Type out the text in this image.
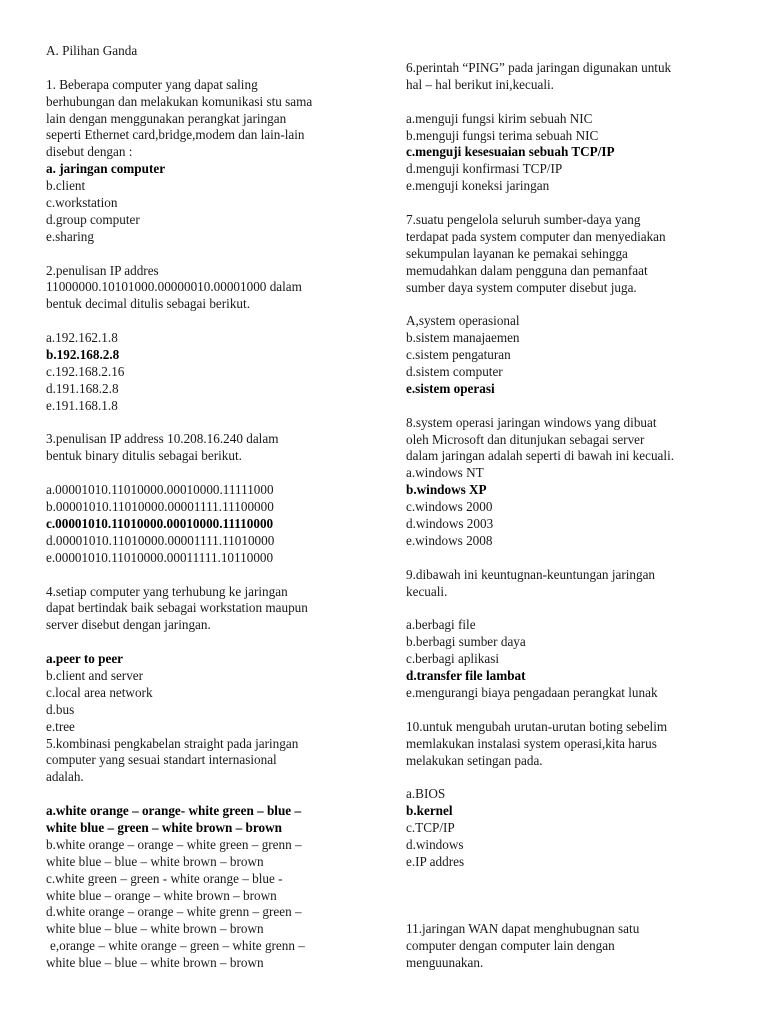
A. Pilihan Ganda
1. Beberapa computer yang dapat saling
berhubungan dan melakukan komunikasi stu sama
lain dengan menggunakan perangkat jaringan
seperti Ethernet card,bridge,modem dan lain-lain
disebut dengan :
a. jaringan computer
b.client
c.workstation
d.group computer
e.sharing
2.penulisan IP addres
11000000.10101000.00000010.00001000 dalam
bentuk decimal ditulis sebagai berikut.
a.192.162.1.8
b.192.168.2.8
c.192.168.2.16
d.191.168.2.8
e.191.168.1.8
3.penulisan IP address 10.208.16.240 dalam
bentuk binary ditulis sebagai berikut.
a.00001010.11010000.00010000.11111000
b.00001010.11010000.00001111.11100000
c.00001010.11010000.00010000.11110000
d.00001010.11010000.00001111.11010000
e.00001010.11010000.00011111.10110000
4.setiap computer yang terhubung ke jaringan
dapat bertindak baik sebagai workstation maupun
server disebut dengan jaringan.
a.peer to peer
b.client and server
c.local area network
d.bus
e.tree
5.kombinasi pengkabelan straight pada jaringan
computer yang sesuai standart internasional
adalah.
a.white orange – orange- white green – blue –
white blue – green – white brown – brown
b.white orange – orange – white green – grenn –
white blue – blue – white brown – brown
c.white green – green - white orange – blue -
white blue – orange – white brown – brown
d.white orange – orange – white grenn – green –
white blue – blue – white brown – brown
e,orange – white orange – green – white grenn –
white blue – blue – white brown – brown
6.perintah “PING” pada jaringan digunakan untuk
hal – hal berikut ini,kecuali.
a.menguji fungsi kirim sebuah NIC
b.menguji fungsi terima sebuah NIC
c.menguji kesesuaian sebuah TCP/IP
d.menguji konfirmasi TCP/IP
e.menguji koneksi jaringan
7.suatu pengelola seluruh sumber-daya yang
terdapat pada system computer dan menyediakan
sekumpulan layanan ke pemakai sehingga
memudahkan dalam pengguna dan pemanfaat
sumber daya system computer disebut juga.
A,system operasional
b.sistem manajaemen
c.sistem pengaturan
d.sistem computer
e.sistem operasi
8.system operasi jaringan windows yang dibuat
oleh Microsoft dan ditunjukan sebagai server
dalam jaringan adalah seperti di bawah ini kecuali.
a.windows NT
b.windows XP
c.windows 2000
d.windows 2003
e.windows 2008
9.dibawah ini keuntugnan-keuntungan jaringan
kecuali.
a.berbagi file
b.berbagi sumber daya
c.berbagi aplikasi
d.transfer file lambat
e.mengurangi biaya pengadaan perangkat lunak
10.untuk mengubah urutan-urutan boting sebelim
memlakukan instalasi system operasi,kita harus
melakukan setingan pada.
a.BIOS
b.kernel
c.TCP/IP
d.windows
e.IP addres
11.jaringan WAN dapat menghubugnan satu
computer dengan computer lain dengan
menguunakan.
